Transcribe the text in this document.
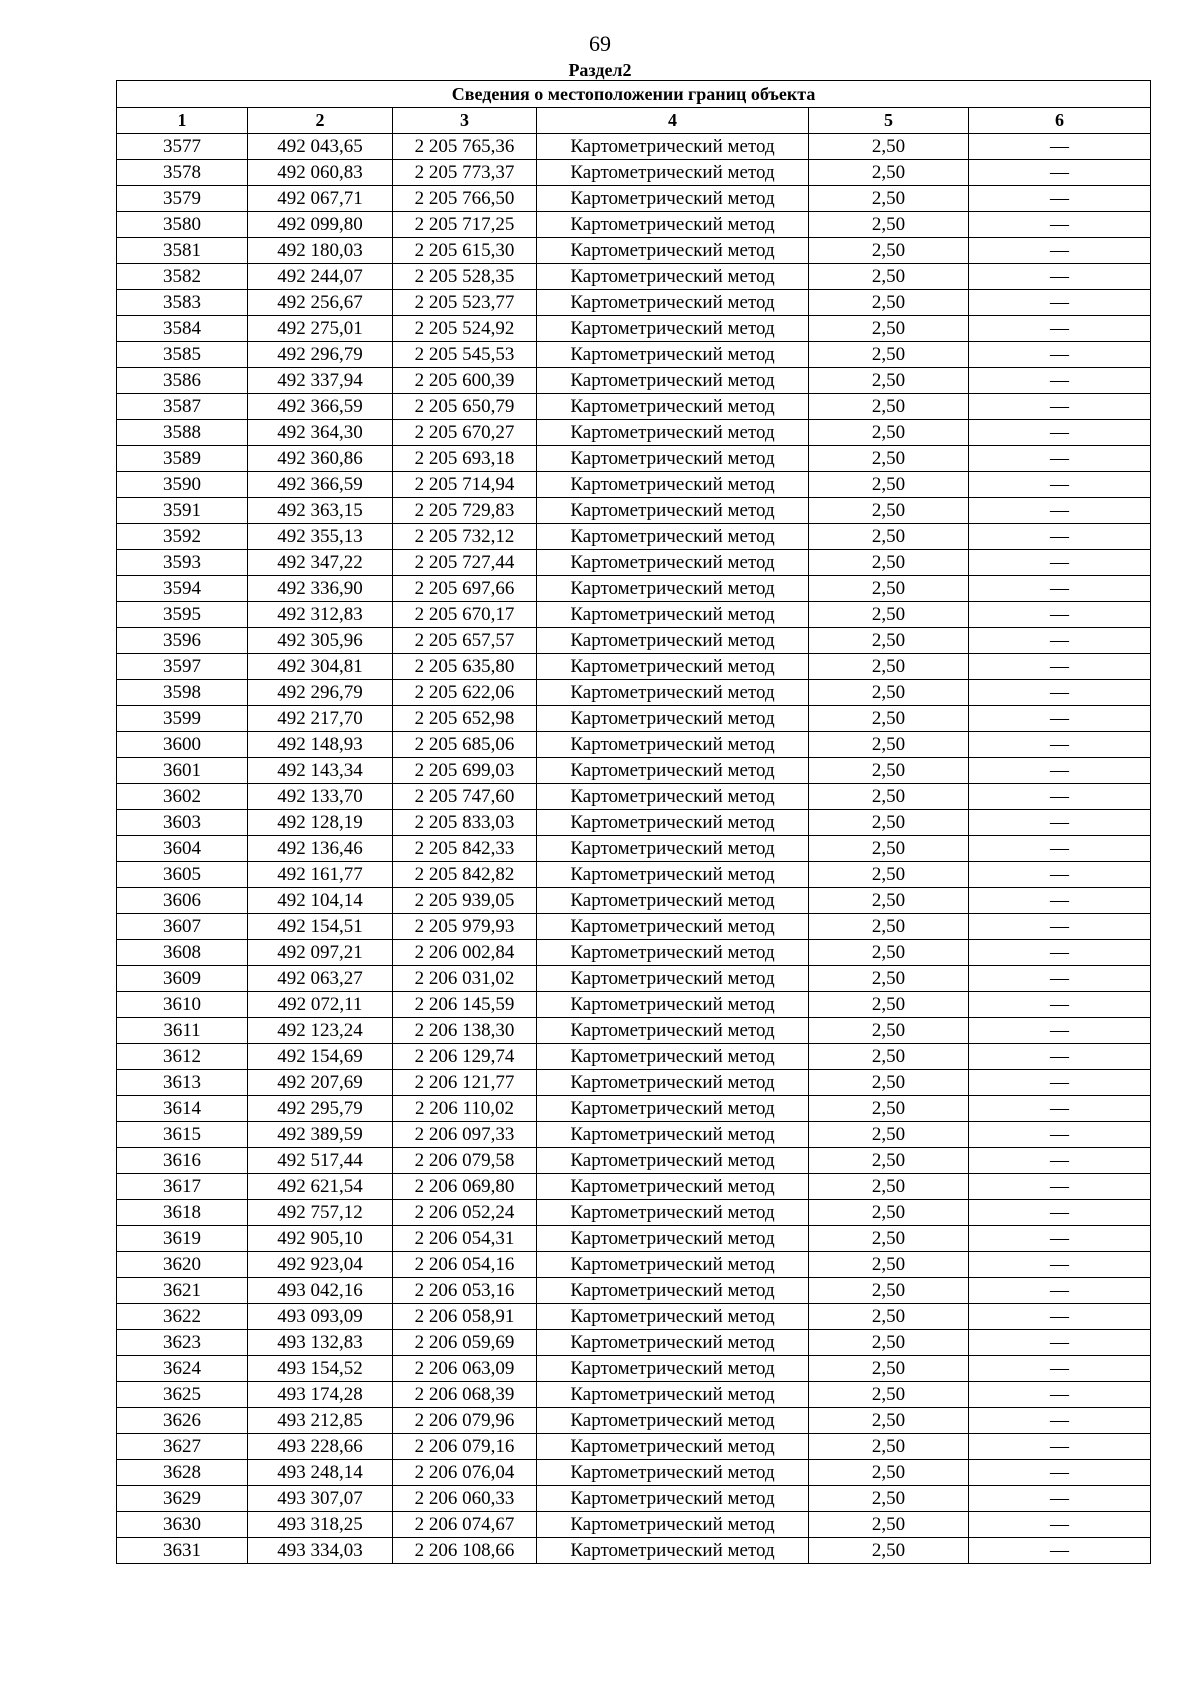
69
Раздел2
Сведения о местоположении границ объекта					
1	2	3	4	5	6
3577	492 043,65	2 205 765,36	Картометрический метод	2,50	—
3578	492 060,83	2 205 773,37	Картометрический метод	2,50	—
3579	492 067,71	2 205 766,50	Картометрический метод	2,50	—
3580	492 099,80	2 205 717,25	Картометрический метод	2,50	—
3581	492 180,03	2 205 615,30	Картометрический метод	2,50	—
3582	492 244,07	2 205 528,35	Картометрический метод	2,50	—
3583	492 256,67	2 205 523,77	Картометрический метод	2,50	—
3584	492 275,01	2 205 524,92	Картометрический метод	2,50	—
3585	492 296,79	2 205 545,53	Картометрический метод	2,50	—
3586	492 337,94	2 205 600,39	Картометрический метод	2,50	—
3587	492 366,59	2 205 650,79	Картометрический метод	2,50	—
3588	492 364,30	2 205 670,27	Картометрический метод	2,50	—
3589	492 360,86	2 205 693,18	Картометрический метод	2,50	—
3590	492 366,59	2 205 714,94	Картометрический метод	2,50	—
3591	492 363,15	2 205 729,83	Картометрический метод	2,50	—
3592	492 355,13	2 205 732,12	Картометрический метод	2,50	—
3593	492 347,22	2 205 727,44	Картометрический метод	2,50	—
3594	492 336,90	2 205 697,66	Картометрический метод	2,50	—
3595	492 312,83	2 205 670,17	Картометрический метод	2,50	—
3596	492 305,96	2 205 657,57	Картометрический метод	2,50	—
3597	492 304,81	2 205 635,80	Картометрический метод	2,50	—
3598	492 296,79	2 205 622,06	Картометрический метод	2,50	—
3599	492 217,70	2 205 652,98	Картометрический метод	2,50	—
3600	492 148,93	2 205 685,06	Картометрический метод	2,50	—
3601	492 143,34	2 205 699,03	Картометрический метод	2,50	—
3602	492 133,70	2 205 747,60	Картометрический метод	2,50	—
3603	492 128,19	2 205 833,03	Картометрический метод	2,50	—
3604	492 136,46	2 205 842,33	Картометрический метод	2,50	—
3605	492 161,77	2 205 842,82	Картометрический метод	2,50	—
3606	492 104,14	2 205 939,05	Картометрический метод	2,50	—
3607	492 154,51	2 205 979,93	Картометрический метод	2,50	—
3608	492 097,21	2 206 002,84	Картометрический метод	2,50	—
3609	492 063,27	2 206 031,02	Картометрический метод	2,50	—
3610	492 072,11	2 206 145,59	Картометрический метод	2,50	—
3611	492 123,24	2 206 138,30	Картометрический метод	2,50	—
3612	492 154,69	2 206 129,74	Картометрический метод	2,50	—
3613	492 207,69	2 206 121,77	Картометрический метод	2,50	—
3614	492 295,79	2 206 110,02	Картометрический метод	2,50	—
3615	492 389,59	2 206 097,33	Картометрический метод	2,50	—
3616	492 517,44	2 206 079,58	Картометрический метод	2,50	—
3617	492 621,54	2 206 069,80	Картометрический метод	2,50	—
3618	492 757,12	2 206 052,24	Картометрический метод	2,50	—
3619	492 905,10	2 206 054,31	Картометрический метод	2,50	—
3620	492 923,04	2 206 054,16	Картометрический метод	2,50	—
3621	493 042,16	2 206 053,16	Картометрический метод	2,50	—
3622	493 093,09	2 206 058,91	Картометрический метод	2,50	—
3623	493 132,83	2 206 059,69	Картометрический метод	2,50	—
3624	493 154,52	2 206 063,09	Картометрический метод	2,50	—
3625	493 174,28	2 206 068,39	Картометрический метод	2,50	—
3626	493 212,85	2 206 079,96	Картометрический метод	2,50	—
3627	493 228,66	2 206 079,16	Картометрический метод	2,50	—
3628	493 248,14	2 206 076,04	Картометрический метод	2,50	—
3629	493 307,07	2 206 060,33	Картометрический метод	2,50	—
3630	493 318,25	2 206 074,67	Картометрический метод	2,50	—
3631	493 334,03	2 206 108,66	Картометрический метод	2,50	—
